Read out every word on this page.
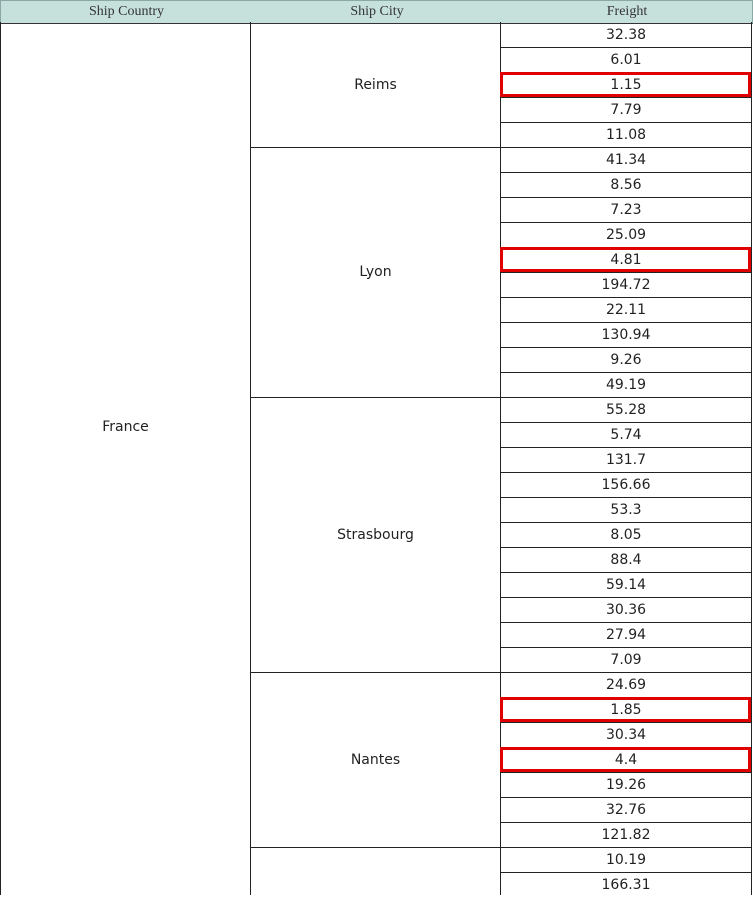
Ship Country	Ship City	Freight
France
Reims
32.38
6.01
1.15
7.79
11.08
Lyon
41.34
8.56
7.23
25.09
4.81
194.72
22.11
130.94
9.26
49.19
Strasbourg
55.28
5.74
131.7
156.66
53.3
8.05
88.4
59.14
30.36
27.94
7.09
Nantes
24.69
1.85
30.34
4.4
19.26
32.76
121.82
10.19
166.31
